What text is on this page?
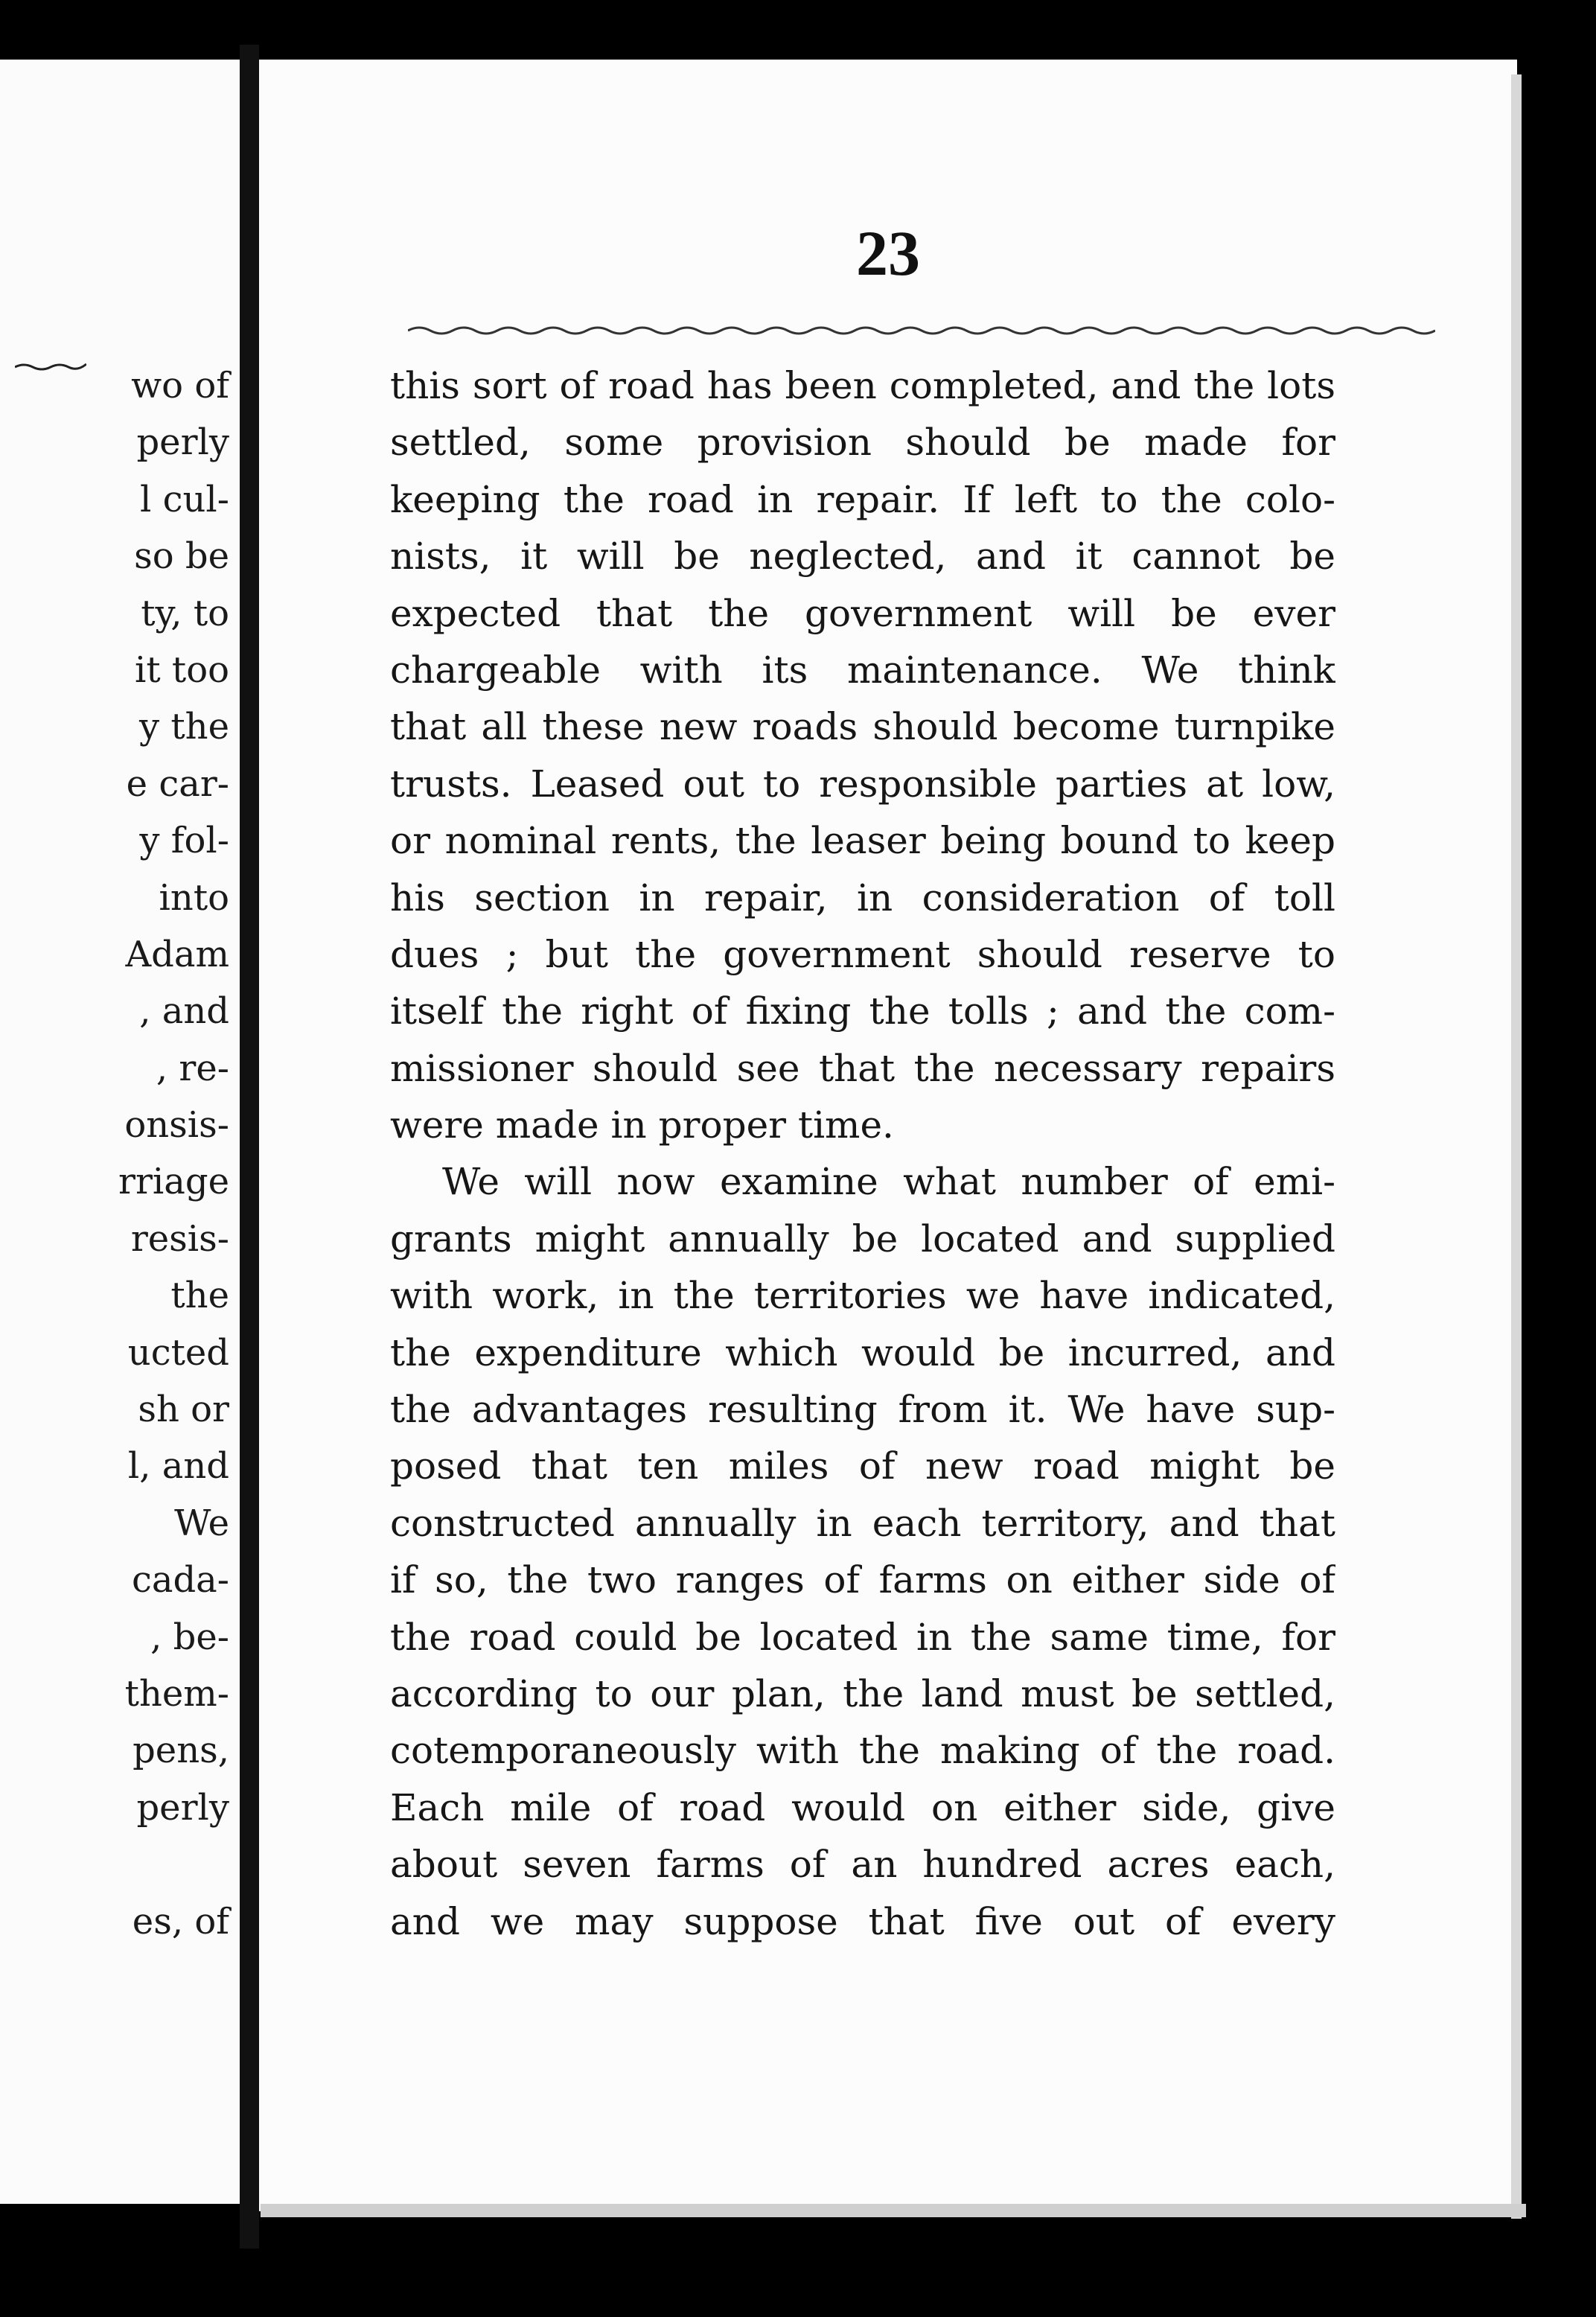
wo of
perly
l cul-
so be
ty, to
it too
y the
e car-
y fol-
into
Adam
, and
, re-
onsis-
rriage
resis-
the
ucted
sh or
l, and
We
cada-
, be-
them-
pens,
perly
es, of
23
this sort of road has been completed, and the lots
settled, some provision should be made for
keeping the road in repair. If left to the colo-
nists, it will be neglected, and it cannot be
expected that the government will be ever
chargeable with its maintenance. We think
that all these new roads should become turnpike
trusts. Leased out to responsible parties at low,
or nominal rents, the leaser being bound to keep
his section in repair, in consideration of toll
dues ; but the government should reserve to
itself the right of fixing the tolls ; and the com-
missioner should see that the necessary repairs
were made in proper time.
We will now examine what number of emi-
grants might annually be located and supplied
with work, in the territories we have indicated,
the expenditure which would be incurred, and
the advantages resulting from it. We have sup-
posed that ten miles of new road might be
constructed annually in each territory, and that
if so, the two ranges of farms on either side of
the road could be located in the same time, for
according to our plan, the land must be settled,
cotemporaneously with the making of the road.
Each mile of road would on either side, give
about seven farms of an hundred acres each,
and we may suppose that five out of every
